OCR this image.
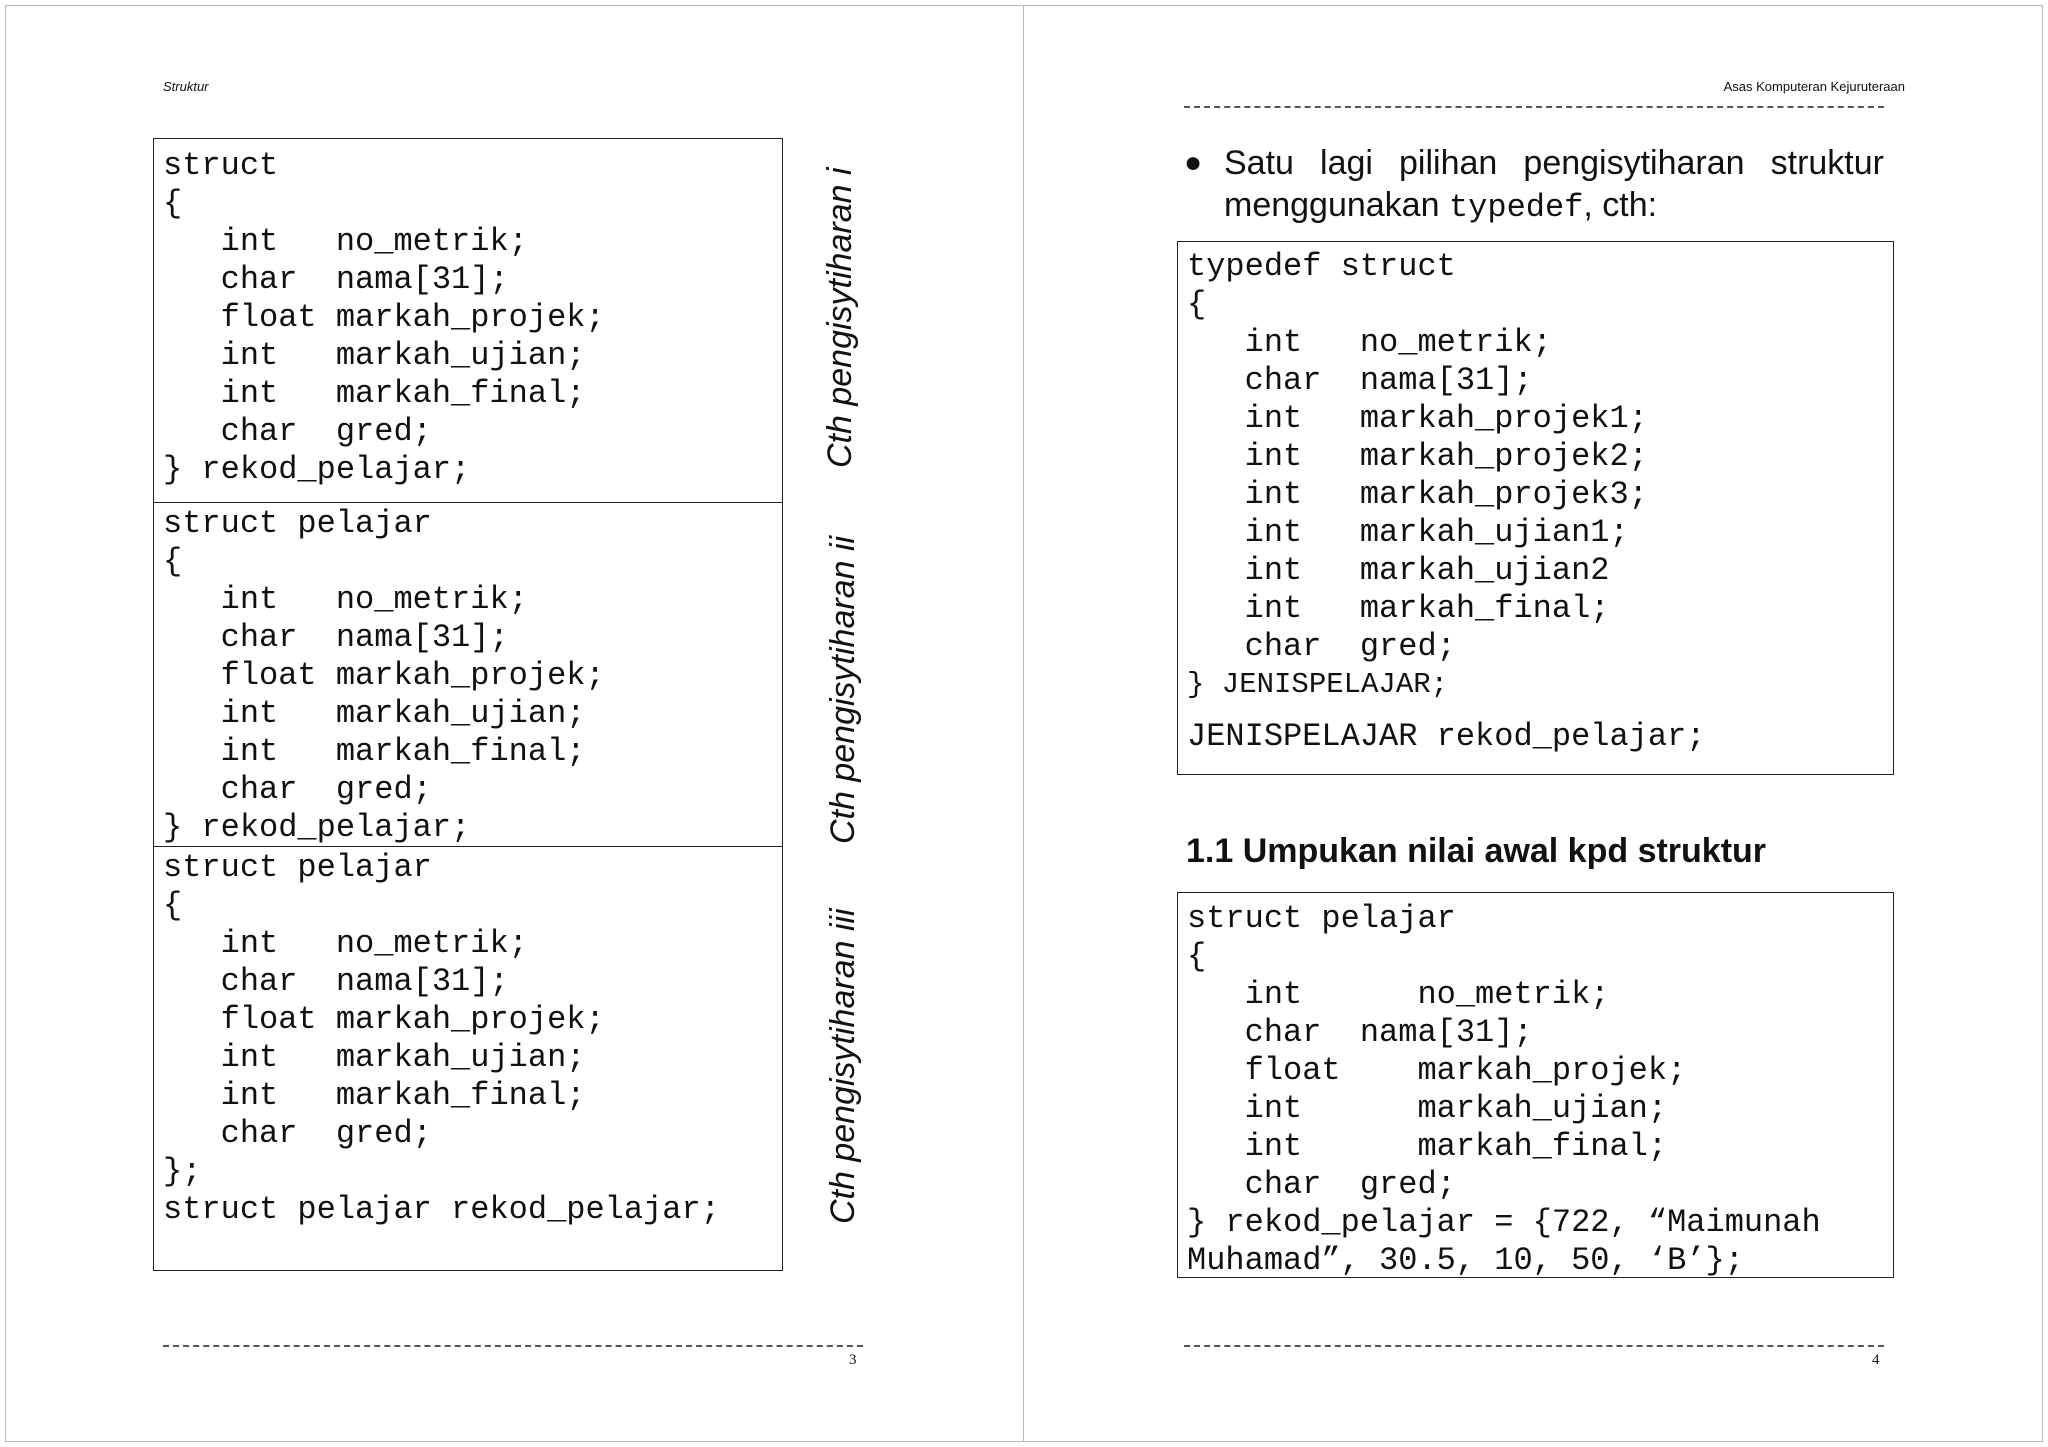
Struktur
struct
{
int   no_metrik;
char  nama[31];
float markah_projek;
int   markah_ujian;
int   markah_final;
char  gred;
} rekod_pelajar;
struct pelajar
{
int   no_metrik;
char  nama[31];
float markah_projek;
int   markah_ujian;
int   markah_final;
char  gred;
} rekod_pelajar;
struct pelajar
{
int   no_metrik;
char  nama[31];
float markah_projek;
int   markah_ujian;
int   markah_final;
char  gred;
};
struct pelajar rekod_pelajar;
Cth pengisytiharan i
Cth pengisytiharan ii
Cth pengisytiharan iii
3
Asas Komputeran Kejuruteraan
● Satu lagi pilihan pengisytiharan struktur menggunakan typedef, cth:
typedef struct
{
int   no_metrik;
char  nama[31];
int   markah_projek1;
int   markah_projek2;
int   markah_projek3;
int   markah_ujian1;
int   markah_ujian2
int   markah_final;
char  gred;
} JENISPELAJAR;
JENISPELAJAR rekod_pelajar;
1.1 Umpukan nilai awal kpd struktur
struct pelajar
{
int      no_metrik;
char  nama[31];
float    markah_projek;
int      markah_ujian;
int      markah_final;
char  gred;
} rekod_pelajar = {722, “Maimunah
Muhamad”, 30.5, 10, 50, ‘B’};
4
